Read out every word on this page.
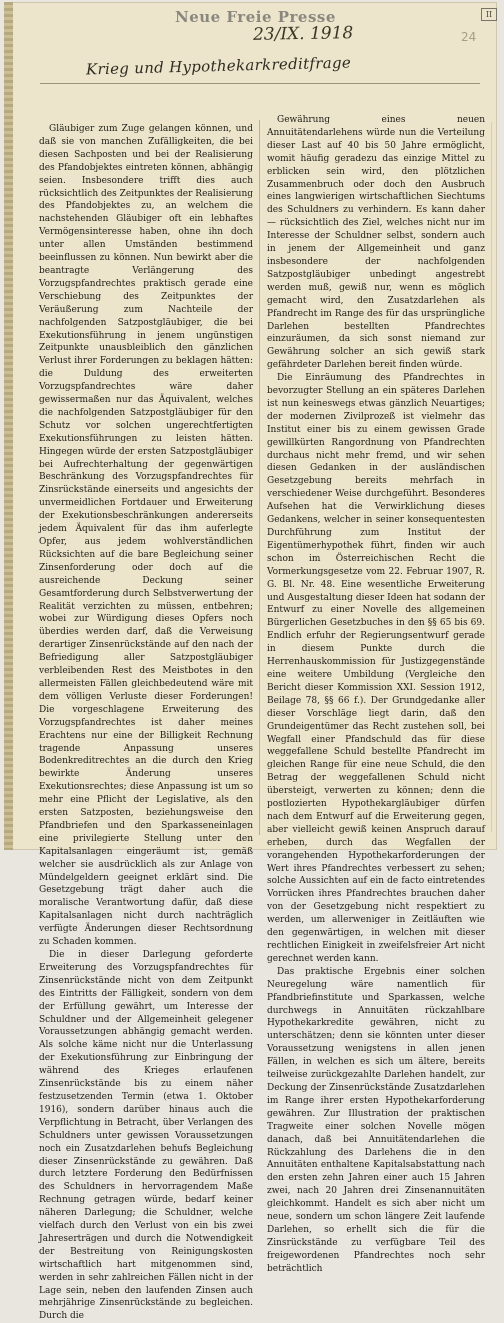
Neue Freie Presse
23/IX. 1918
II
24
Krieg und Hypothekarkreditfrage

Gläubiger zum Zuge gelangen können, und daß sie von manchen Zufälligkeiten, die bei diesen Sachposten und bei der Realisierung des Pfandobjektes eintreten können, abhängig seien. Insbesondere trifft dies auch rücksichtlich des Zeitpunktes der Realisierung des Pfandobjektes zu, an welchem die nachstehenden Gläubiger oft ein lebhaftes Vermögensinteresse haben, ohne ihn doch unter allen Umständen bestimmend beeinflussen zu können. Nun bewirkt aber die beantragte Verlängerung des Vorzugspfandrechtes praktisch gerade eine Verschiebung des Zeitpunktes der Veräußerung zum Nachteile der nachfolgenden Satzpostgläubiger, die bei Exekutionsführung in jenem ungünstigen Zeitpunkte unausbleiblich den gänzlichen Verlust ihrer Forderungen zu beklagen hätten: die Duldung des erweiterten Vorzugspfandrechtes wäre daher gewissermaßen nur das Äquivalent, welches die nachfolgenden Satzpostgläubiger für den Schutz vor solchen ungerechtfertigten Exekutionsführungen zu leisten hätten. Hingegen würde der ersten Satzpostgläubiger bei Aufrechterhaltung der gegenwärtigen Beschränkung des Vorzugspfandrechtes für Zinsrückstände einerseits und angesichts der unvermeidlichen Fortdauer und Erweiterung der Exekutionsbeschränkungen andererseits jedem Äquivalent für das ihm auferlegte Opfer, aus jedem wohlverständlichen Rücksichten auf die bare Begleichung seiner Zinsenforderung oder doch auf die ausreichende Deckung seiner Gesamtforderung durch Selbstverwertung der Realität verzichten zu müssen, entbehren; wobei zur Würdigung dieses Opfers noch überdies werden darf, daß die Verweisung derartiger Zinsenrückstände auf den nach der Befriedigung aller Satzpostgläubiger verbleibenden Rest des Meistbotes in den allermeisten Fällen gleichbedeutend wäre mit dem völligen Verluste dieser Forderungen! Die vorgeschlagene Erweiterung des Vorzugspfandrechtes ist daher meines Erachtens nur eine der Billigkeit Rechnung tragende Anpassung unseres Bodenkreditrechtes an die durch den Krieg bewirkte Änderung unseres Exekutionsrechtes; diese Anpassung ist um so mehr eine Pflicht der Legislative, als den ersten Satzposten, beziehungsweise den Pfandbriefen und den Sparkasseneinlagen eine privilegierte Stellung unter den Kapitalsanlagen eingeräumt ist, gemäß welcher sie ausdrücklich als zur Anlage von Mündelgeldern geeignet erklärt sind. Die Gesetzgebung trägt daher auch die moralische Verantwortung dafür, daß diese Kapitalsanlagen nicht durch nachträglich verfügte Änderungen dieser Rechtsordnung zu Schaden kommen.

Die in dieser Darlegung geforderte Erweiterung des Vorzugspfandrechtes für Zinsenrückstände nicht von dem Zeitpunkt des Eintritts der Fälligkeit, sondern von dem der Erfüllung gewährt, um Interesse der Schuldner und der Allgemeinheit gelegener Voraussetzungen abhängig gemacht werden. Als solche käme nicht nur die Unterlassung der Exekutionsführung zur Einbringung der während des Krieges erlaufenen Zinsenrückstände bis zu einem näher festzusetzenden Termin (etwa 1. Oktober 1916), sondern darüber hinaus auch die Verpflichtung in Betracht, über Verlangen des Schuldners unter gewissen Voraussetzungen noch ein Zusatzdarlehen behufs Begleichung dieser Zinsenrückstände zu gewähren. Daß durch letztere Forderung den Bedürfnissen des Schuldners in hervorragendem Maße Rechnung getragen würde, bedarf keiner näheren Darlegung; die Schuldner, welche vielfach durch den Verlust von ein bis zwei Jahreserträgen und durch die Notwendigkeit der Bestreitung von Reinigungskosten wirtschaftlich hart mitgenommen sind, werden in sehr zahlreichen Fällen nicht in der Lage sein, neben den laufenden Zinsen auch mehrjährige Zinsenrückstände zu begleichen. Durch die

Gewährung eines neuen Annuitätendarlehens würde nun die Verteilung dieser Last auf 40 bis 50 Jahre ermöglicht, womit häufig geradezu das einzige Mittel zu erblicken sein wird, den plötzlichen Zusammenbruch oder doch den Ausbruch eines langwierigen wirtschaftlichen Siechtums des Schuldners zu verhindern. Es kann daher — rücksichtlich des Ziel, welches nicht nur im Interesse der Schuldner selbst, sondern auch in jenem der Allgemeinheit und ganz insbesondere der nachfolgenden Satzpostgläubiger unbedingt angestrebt werden muß, gewiß nur, wenn es möglich gemacht wird, den Zusatzdarlehen als Pfandrecht im Range des für das ursprüngliche Darlehen bestellten Pfandrechtes einzuräumen, da sich sonst niemand zur Gewährung solcher an sich gewiß stark gefährdeter Darlehen bereit finden würde.

Die Einräumung des Pfandrechtes in bevorzugter Stellung an ein späteres Darlehen ist nun keineswegs etwas gänzlich Neuartiges; der modernen Zivilprozeß ist vielmehr das Institut einer bis zu einem gewissen Grade gewillkürten Rangordnung von Pfandrechten durchaus nicht mehr fremd, und wir sehen diesen Gedanken in der ausländischen Gesetzgebung bereits mehrfach in verschiedener Weise durchgeführt. Besonderes Aufsehen hat die Verwirklichung dieses Gedankens, welcher in seiner konsequentesten Durchführung zum Institut der Eigentümerhypothek führt, finden wir auch schon im Österreichischen Recht die Vormerkungsgesetze vom 22. Februar 1907, R. G. Bl. Nr. 48. Eine wesentliche Erweiterung und Ausgestaltung dieser Ideen hat sodann der Entwurf zu einer Novelle des allgemeinen Bürgerlichen Gesetzbuches in den §§ 65 bis 69. Endlich erfuhr der Regierungsentwurf gerade in diesem Punkte durch die Herrenhauskommission für Justizgegenstände eine weitere Umbildung (Vergleiche den Bericht dieser Kommission XXI. Session 1912, Beilage 78, §§ 66 f.). Der Grundgedanke aller dieser Vorschläge liegt darin, daß den Grundeigentümer das Recht zustehen soll, bei Wegfall einer Pfandschuld das für diese weggefallene Schuld bestellte Pfandrecht im gleichen Range für eine neue Schuld, die den Betrag der weggefallenen Schuld nicht übersteigt, verwerten zu können; denn die postlozierten Hypothekargläubiger dürfen nach dem Entwurf auf die Erweiterung gegen, aber vielleicht gewiß keinen Anspruch darauf erheben, durch das Wegfallen der vorangehenden Hypothekarforderungen der Wert ihres Pfandrechtes verbessert zu sehen; solche Aussichten auf ein de facto eintretendes Vorrücken ihres Pfandrechtes brauchen daher von der Gesetzgebung nicht respektiert zu werden, um allerweniger in Zeitläuften wie den gegenwärtigen, in welchen mit dieser rechtlichen Einigkeit in zweifelsfreier Art nicht gerechnet werden kann.

Das praktische Ergebnis einer solchen Neuregelung wäre namentlich für Pfandbriefinstitute und Sparkassen, welche durchwegs in Annuitäten rückzahlbare Hypothekarkredite gewähren, nicht zu unterschätzen; denn sie könnten unter dieser Voraussetzung wenigstens in allen jenen Fällen, in welchen es sich um ältere, bereits teilweise zurückgezahlte Darlehen handelt, zur Deckung der Zinsenrückstände Zusatzdarlehen im Range ihrer ersten Hypothekarforderung gewähren. Zur Illustration der praktischen Tragweite einer solchen Novelle mögen danach, daß bei Annuitätendarlehen die Rückzahlung des Darlehens die in den Annuitäten enthaltene Kapitalsabstattung nach den ersten zehn Jahren einer auch 15 Jahren zwei, nach 20 Jahren drei Zinsenannuitäten gleichkommt. Handelt es sich aber nicht um neue, sondern um schon längere Zeit laufende Darlehen, so erhellt sich die für die Zinsrückstände zu verfügbare Teil des freigewordenen Pfandrechtes noch sehr beträchtlich
